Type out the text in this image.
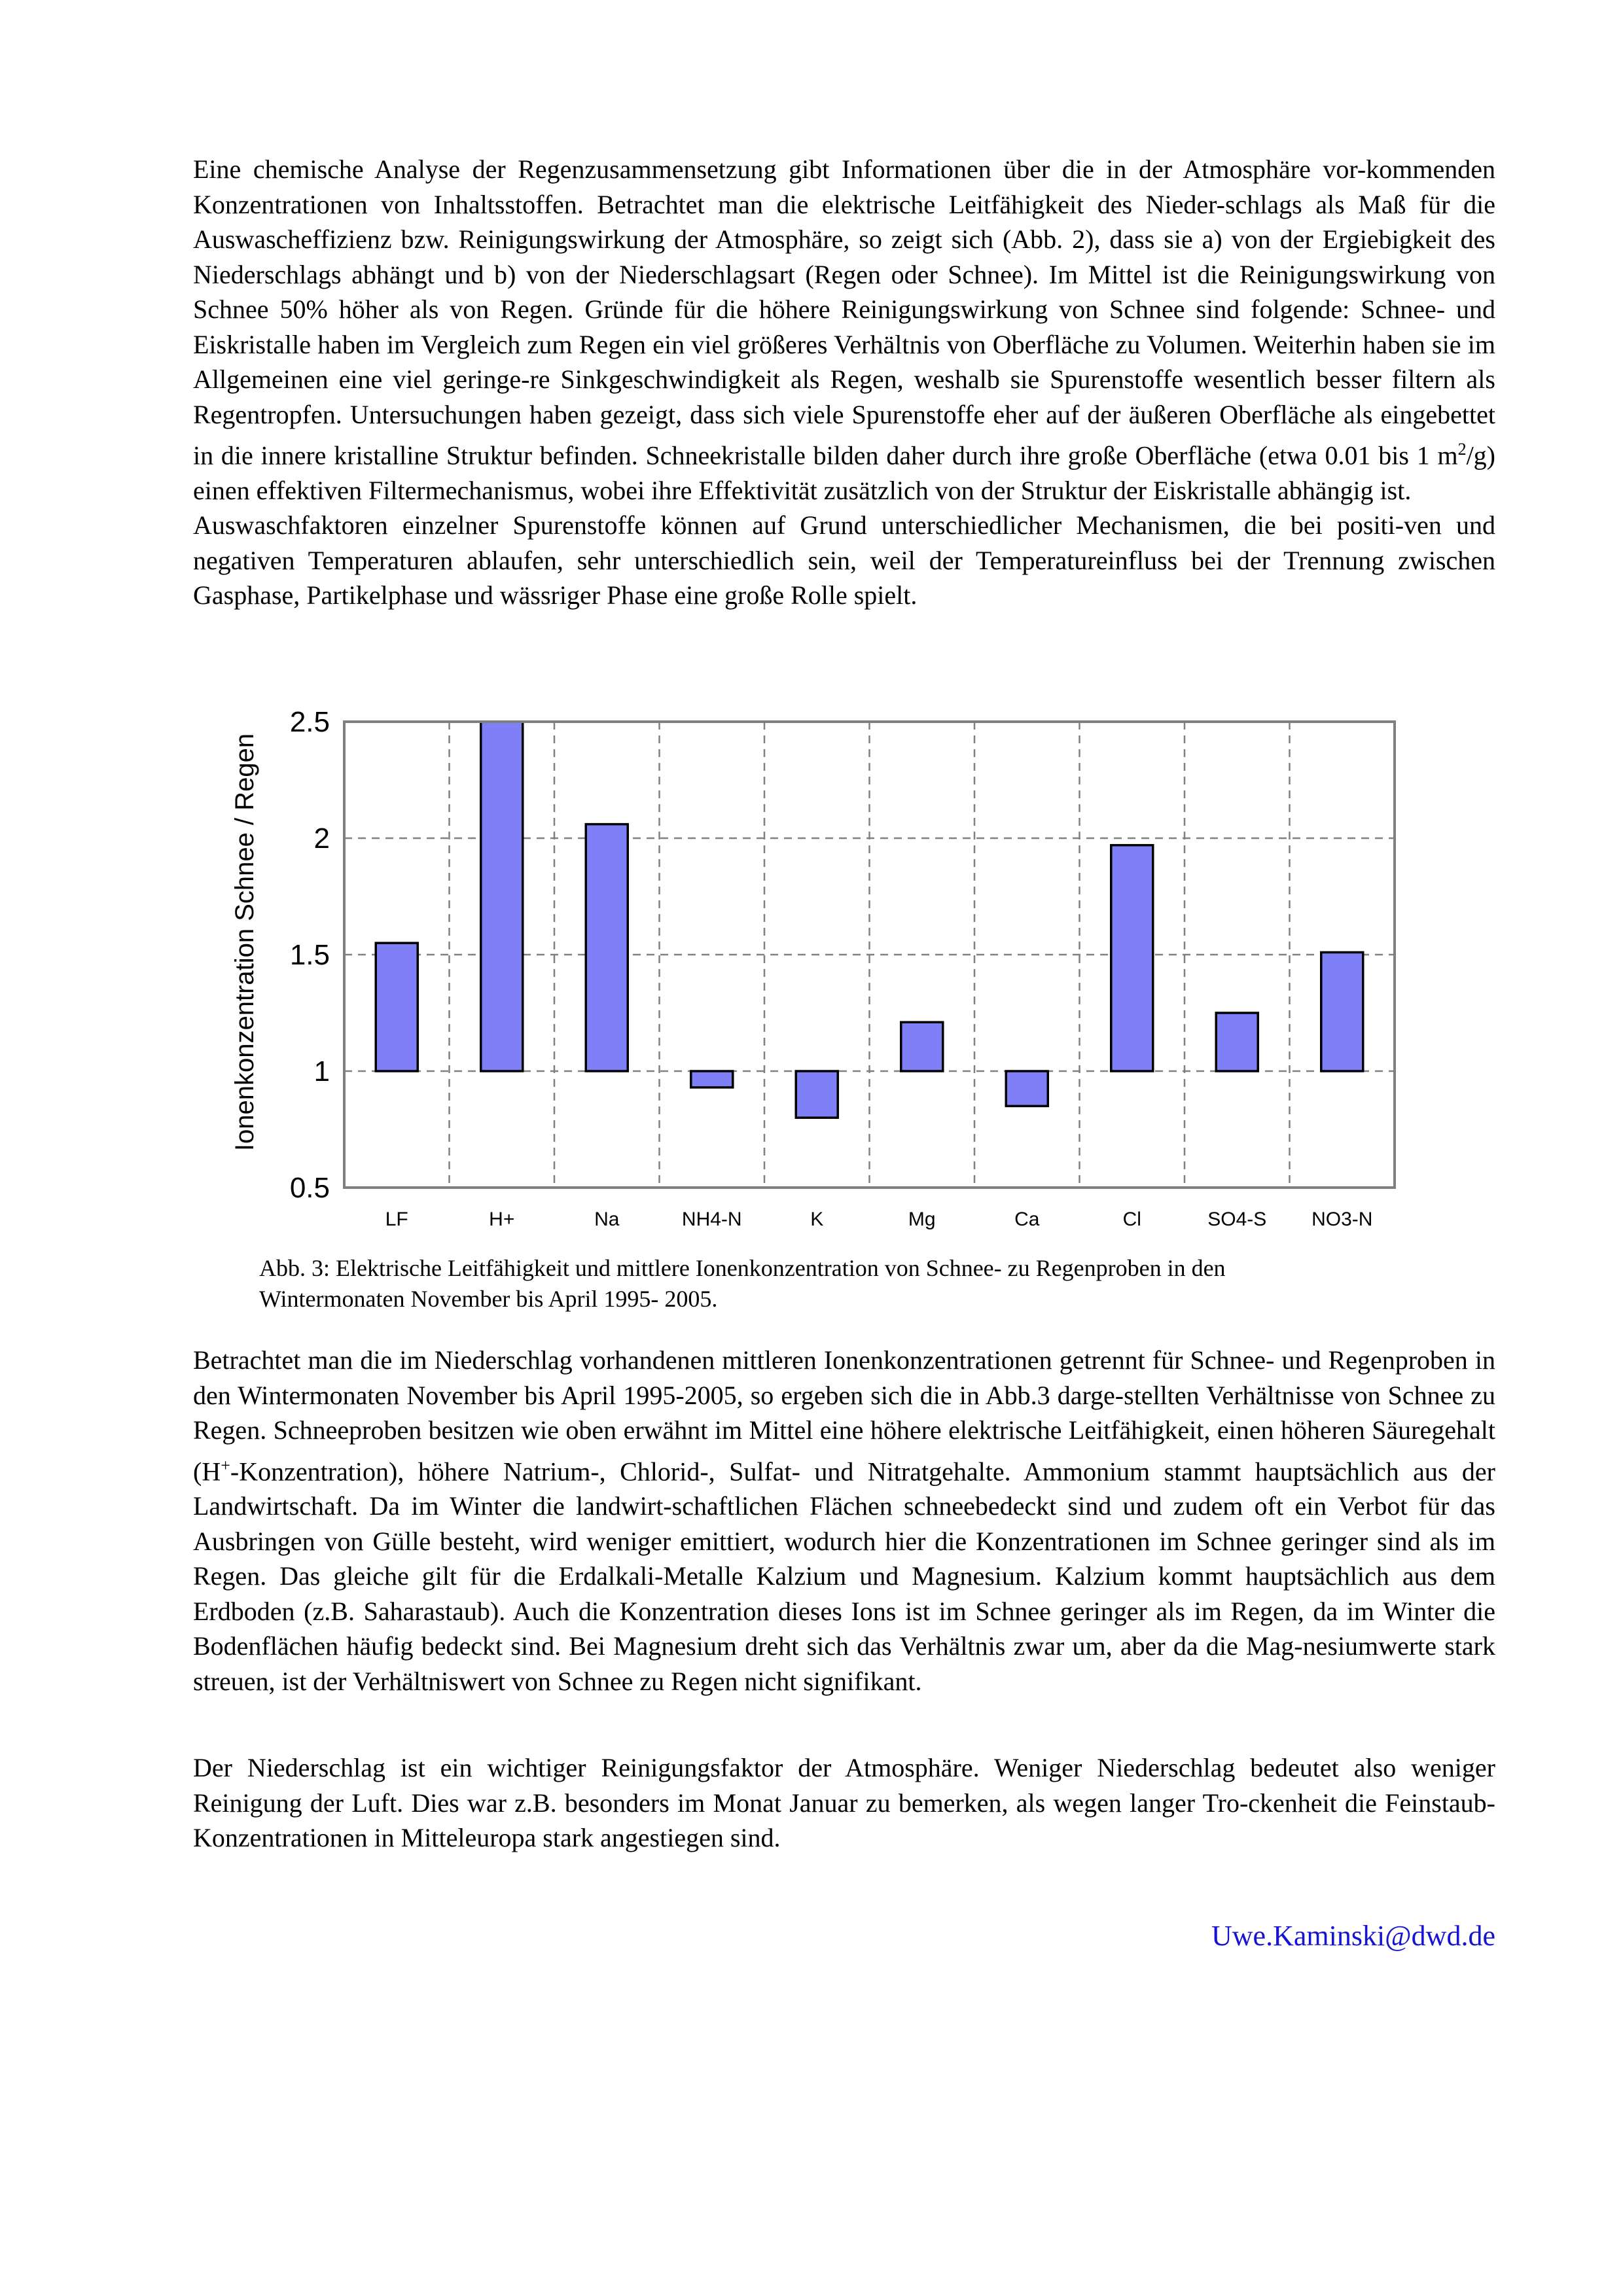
Eine chemische Analyse der Regenzusammensetzung gibt Informationen über die in der Atmosphäre vor-kommenden Konzentrationen von Inhaltsstoffen. Betrachtet man die elektrische Leitfähigkeit des Nieder-schlags als Maß für die Auswascheffizienz bzw. Reinigungswirkung der Atmosphäre, so zeigt sich (Abb. 2), dass sie a) von der Ergiebigkeit des Niederschlags abhängt und b) von der Niederschlagsart (Regen oder Schnee). Im Mittel ist die Reinigungswirkung von Schnee 50% höher als von Regen. Gründe für die höhere Reinigungswirkung von Schnee sind folgende: Schnee- und Eiskristalle haben im Vergleich zum Regen ein viel größeres Verhältnis von Oberfläche zu Volumen. Weiterhin haben sie im Allgemeinen eine viel geringe-re Sinkgeschwindigkeit als Regen, weshalb sie Spurenstoffe wesentlich besser filtern als Regentropfen. Untersuchungen haben gezeigt, dass sich viele Spurenstoffe eher auf der äußeren Oberfläche als eingebettet in die innere kristalline Struktur befinden. Schneekristalle bilden daher durch ihre große Oberfläche (etwa 0.01 bis 1 $m^2/g$) einen effektiven Filtermechanismus, wobei ihre Effektivität zusätzlich von der Struktur der Eiskristalle abhängig ist.
Auswaschfaktoren einzelner Spurenstoffe können auf Grund unterschiedlicher Mechanismen, die bei positi-ven und negativen Temperaturen ablaufen, sehr unterschiedlich sein, weil der Temperatureinfluss bei der Trennung zwischen Gasphase, Partikelphase und wässriger Phase eine große Rolle spielt.

0.5
1
1.5
2
2.5
LF	H+	Na	NH4-N	K	Mg	Ca	Cl	SO4-S NO3-N
Ionenkonzentration Schnee / Regen

Abb. 3: Elektrische Leitfähigkeit und mittlere Ionenkonzentration von Schnee- zu Regenproben in den
Wintermonaten November bis April 1995- 2005.

Betrachtet man die im Niederschlag vorhandenen mittleren Ionenkonzentrationen getrennt für Schnee- und Regenproben in den Wintermonaten November bis April 1995-2005, so ergeben sich die in Abb.3 darge-stellten Verhältnisse von Schnee zu Regen. Schneeproben besitzen wie oben erwähnt im Mittel eine höhere elektrische Leitfähigkeit, einen höheren Säuregehalt (H+-Konzentration), höhere Natrium-, Chlorid-, Sulfat- und Nitratgehalte. Ammonium stammt hauptsächlich aus der Landwirtschaft. Da im Winter die landwirt-schaftlichen Flächen schneebedeckt sind und zudem oft ein Verbot für das Ausbringen von Gülle besteht, wird weniger emittiert, wodurch hier die Konzentrationen im Schnee geringer sind als im Regen. Das gleiche gilt für die Erdalkali-Metalle Kalzium und Magnesium. Kalzium kommt hauptsächlich aus dem Erdboden (z.B. Saharastaub). Auch die Konzentration dieses Ions ist im Schnee geringer als im Regen, da im Winter die Bodenflächen häufig bedeckt sind. Bei Magnesium dreht sich das Verhältnis zwar um, aber da die Mag-nesiumwerte stark streuen, ist der Verhältniswert von Schnee zu Regen nicht signifikant.

Der Niederschlag ist ein wichtiger Reinigungsfaktor der Atmosphäre. Weniger Niederschlag bedeutet also weniger Reinigung der Luft. Dies war z.B. besonders im Monat Januar zu bemerken, als wegen langer Tro-ckenheit die Feinstaub-Konzentrationen in Mitteleuropa stark angestiegen sind.

Uwe.Kaminski@dwd.de
